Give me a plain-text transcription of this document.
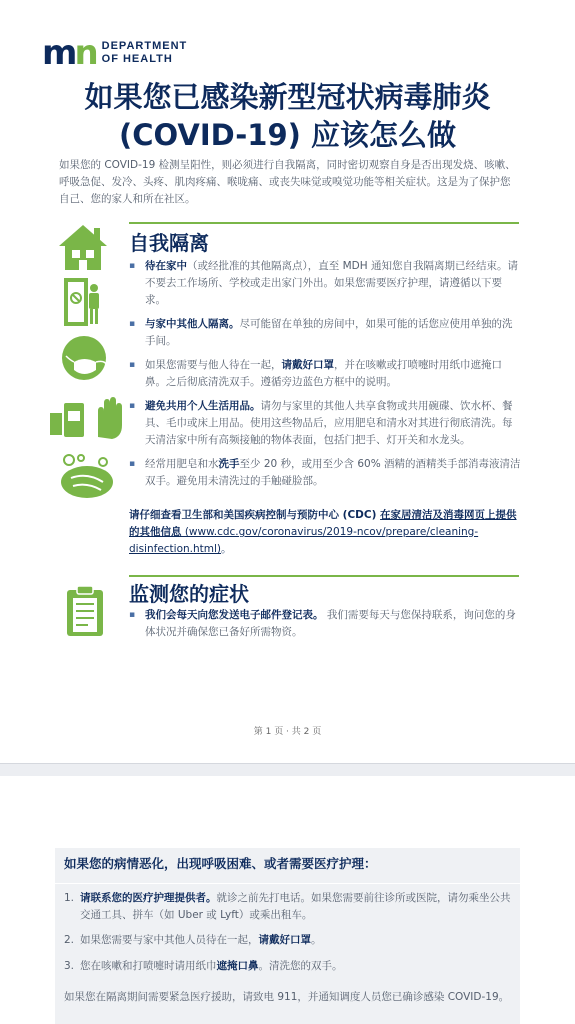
mn DEPARTMENT
OF HEALTH
如果您已感染新型冠状病毒肺炎
(COVID-19) 应该怎么做
如果您的 COVID-19 检测呈阳性，则必须进行自我隔离，同时密切观察自身是否出现发烧、咳嗽、呼吸急促、发冷、头疼、肌肉疼痛、喉咙痛、或丧失味觉或嗅觉功能等相关症状。这是为了保护您自己、您的家人和所在社区。
自我隔离
▪ 待在家中（或经批准的其他隔离点），直至 MDH 通知您自我隔离期已经结束。请不要去工作场所、学校或走出家门外出。如果您需要医疗护理，请遵循以下要求。
▪ 与家中其他人隔离。尽可能留在单独的房间中，如果可能的话您应使用单独的洗手间。
▪ 如果您需要与他人待在一起，请戴好口罩，并在咳嗽或打喷嚏时用纸巾遮掩口鼻。之后彻底清洗双手。遵循旁边蓝色方框中的说明。
▪ 避免共用个人生活用品。请勿与家里的其他人共享食物或共用碗碟、饮水杯、餐具、毛巾或床上用品。使用这些物品后，应用肥皂和清水对其进行彻底清洗。每天清洁家中所有高频接触的物体表面，包括门把手、灯开关和水龙头。
▪ 经常用肥皂和水洗手至少 20 秒，或用至少含 60% 酒精的酒精类手部消毒液清洁双手。避免用未清洗过的手触碰脸部。
请仔细查看卫生部和美国疾病控制与预防中心 (CDC) 在家居清洁及消毒网页上提供的其他信息 (www.cdc.gov/coronavirus/2019-ncov/prepare/cleaning-disinfection.html)。
监测您的症状
▪ 我们会每天向您发送电子邮件登记表。 我们需要每天与您保持联系，询问您的身体状况并确保您已备好所需物资。
第 1 页 · 共 2 页
如果您的病情恶化，出现呼吸困难、或者需要医疗护理：
1. 请联系您的医疗护理提供者。就诊之前先打电话。如果您需要前往诊所或医院，请勿乘坐公共交通工具、拼车（如 Uber 或 Lyft）或乘出租车。
2. 如果您需要与家中其他人员待在一起，请戴好口罩。
3. 您在咳嗽和打喷嚏时请用纸巾遮掩口鼻。清洗您的双手。
如果您在隔离期间需要紧急医疗援助，请致电 911，并通知调度人员您已确诊感染 COVID-19。
